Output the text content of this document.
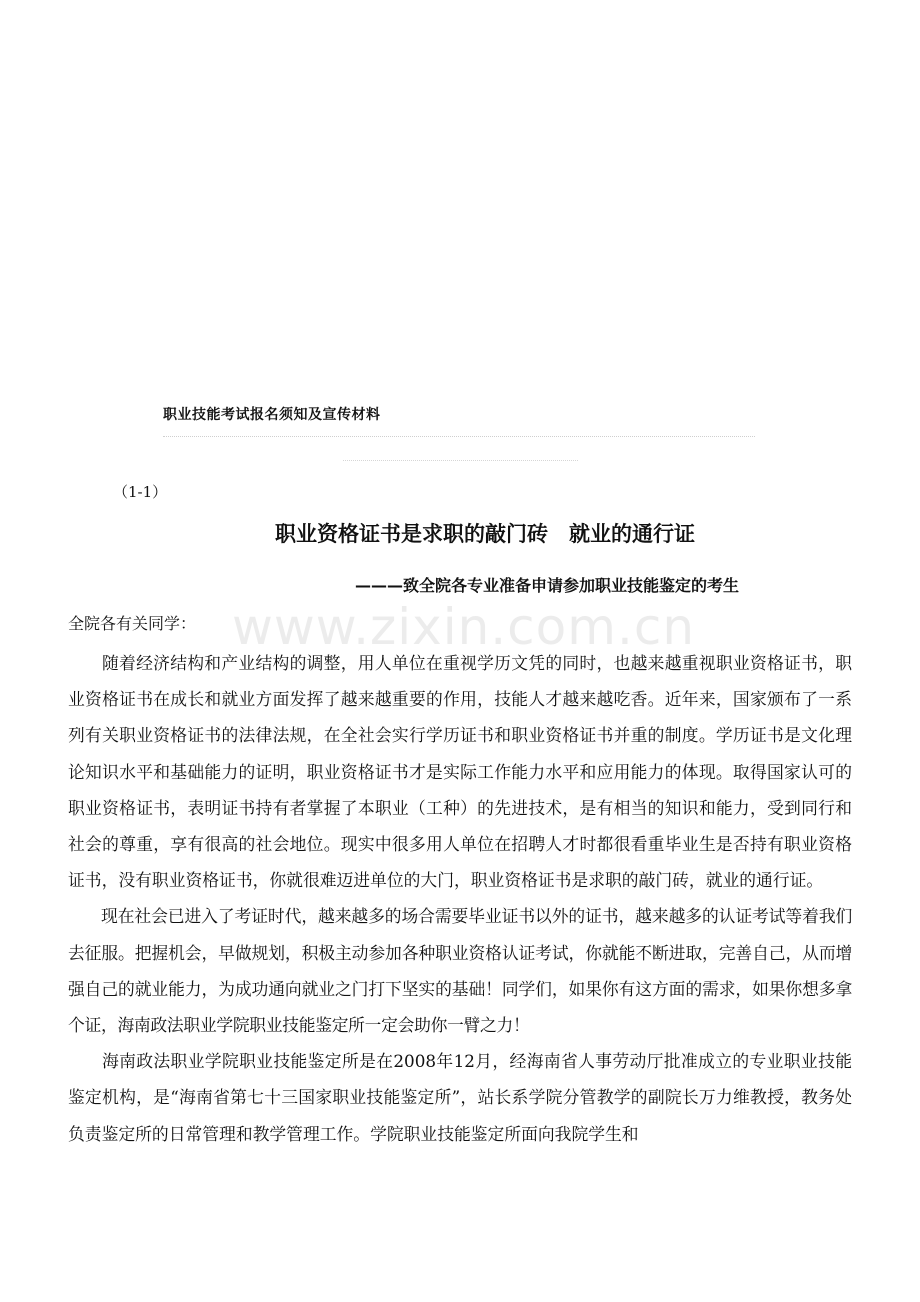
www.zixin.com.cn
职业技能考试报名须知及宣传材料
（1-1）
职业资格证书是求职的敲门砖　就业的通行证
———致全院各专业准备申请参加职业技能鉴定的考生
全院各有关同学：

随着经济结构和产业结构的调整，用人单位在重视学历文凭的同时，也越来越重视职业资格证书，职业资格证书在成长和就业方面发挥了越来越重要的作用，技能人才越来越吃香。近年来，国家颁布了一系列有关职业资格证书的法律法规，在全社会实行学历证书和职业资格证书并重的制度。学历证书是文化理论知识水平和基础能力的证明，职业资格证书才是实际工作能力水平和应用能力的体现。取得国家认可的职业资格证书，表明证书持有者掌握了本职业（工种）的先进技术，是有相当的知识和能力，受到同行和社会的尊重，享有很高的社会地位。现实中很多用人单位在招聘人才时都很看重毕业生是否持有职业资格证书，没有职业资格证书，你就很难迈进单位的大门，职业资格证书是求职的敲门砖，就业的通行证。

现在社会已进入了考证时代，越来越多的场合需要毕业证书以外的证书，越来越多的认证考试等着我们去征服。把握机会，早做规划，积极主动参加各种职业资格认证考试，你就能不断进取，完善自己，从而增强自己的就业能力，为成功通向就业之门打下坚实的基础！同学们，如果你有这方面的需求，如果你想多拿个证，海南政法职业学院职业技能鉴定所一定会助你一臂之力！

海南政法职业学院职业技能鉴定所是在2008年12月，经海南省人事劳动厅批准成立的专业职业技能鉴定机构，是“海南省第七十三国家职业技能鉴定所”，站长系学院分管教学的副院长万力维教授，教务处负责鉴定所的日常管理和教学管理工作。学院职业技能鉴定所面向我院学生和
